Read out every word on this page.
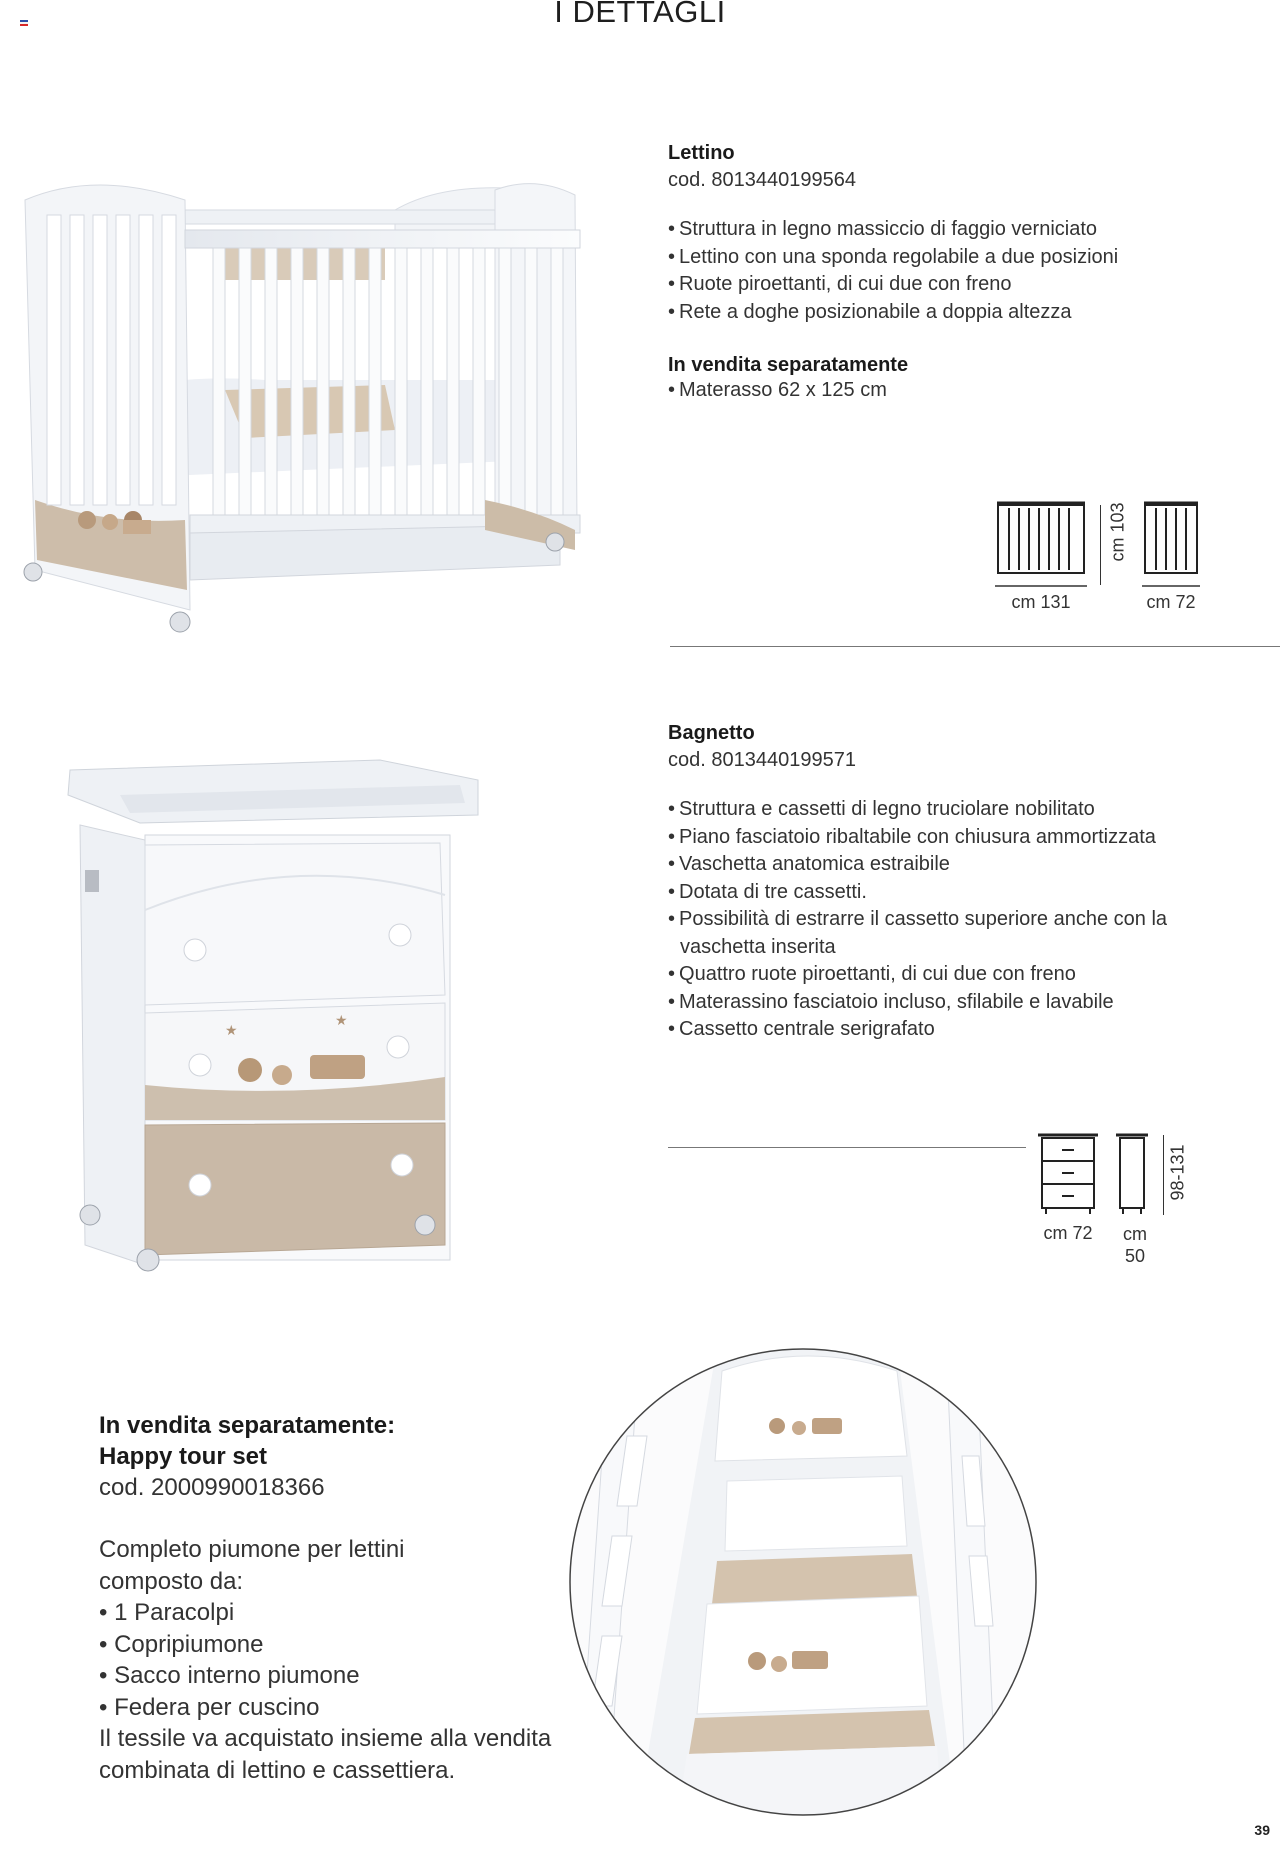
I DETTAGLI
Lettino
cod. 8013440199564
• Struttura in legno massiccio di faggio verniciato
• Lettino con una sponda regolabile a due posizioni
• Ruote piroettanti, di cui due con freno
• Rete a doghe posizionabile a doppia altezza
In vendita separatamente
• Materasso 62 x 125 cm
cm 103
cm 131	cm 72
★
★
Bagnetto
cod. 8013440199571
• Struttura e cassetti di legno truciolare nobilitato
• Piano fasciatoio ribaltabile con chiusura ammortizzata
• Vaschetta anatomica estraibile
• Dotata di tre cassetti.
• Possibilità di estrarre il cassetto superiore anche con la vaschetta inserita
• Quattro ruote piroettanti, di cui due con freno
• Materassino fasciatoio incluso, sfilabile e lavabile
• Cassetto centrale serigrafato
98-131
cm 72	cm
50
In vendita separatamente:
Happy tour set
cod. 2000990018366
Completo piumone per lettini
composto da:
• 1 Paracolpi
• Copripiumone
• Sacco interno piumone
• Federa per cuscino
Il tessile va acquistato insieme alla vendita
combinata di lettino e cassettiera.
39
